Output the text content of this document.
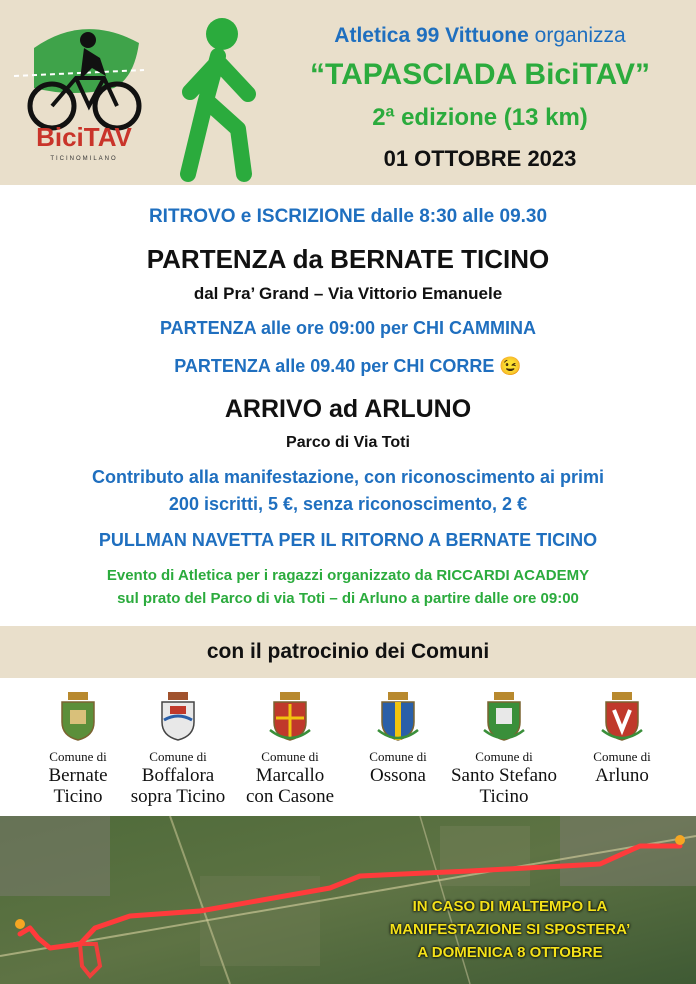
BiciTAV
TICINOMILANO
Atletica 99 Vittuone organizza
“TAPASCIADA BiciTAV”
2ª edizione (13 km)
01 OTTOBRE 2023
RITROVO e ISCRIZIONE dalle 8:30 alle 09.30
PARTENZA da BERNATE TICINO
dal Pra’ Grand – Via Vittorio Emanuele
PARTENZA alle ore 09:00 per CHI CAMMINA
PARTENZA alle 09.40 per CHI CORRE 😉
ARRIVO ad ARLUNO
Parco di Via Toti
Contributo alla manifestazione, con riconoscimento ai primi
200 iscritti, 5 €, senza riconoscimento, 2 €
PULLMAN NAVETTA PER IL RITORNO A BERNATE TICINO
Evento di Atletica per i ragazzi organizzato da RICCARDI ACADEMY
sul prato del Parco di via Toti – di Arluno a partire dalle ore 09:00
con il patrocinio dei Comuni
Comune di
Bernate
Ticino
Comune di
Boffalora
sopra Ticino
Comune di
Marcallo
con Casone
Comune di
Ossona
Comune di
Santo Stefano
Ticino
Comune di
Arluno
IN CASO DI MALTEMPO LA
MANIFESTAZIONE SI SPOSTERA’
A DOMENICA 8 OTTOBRE
